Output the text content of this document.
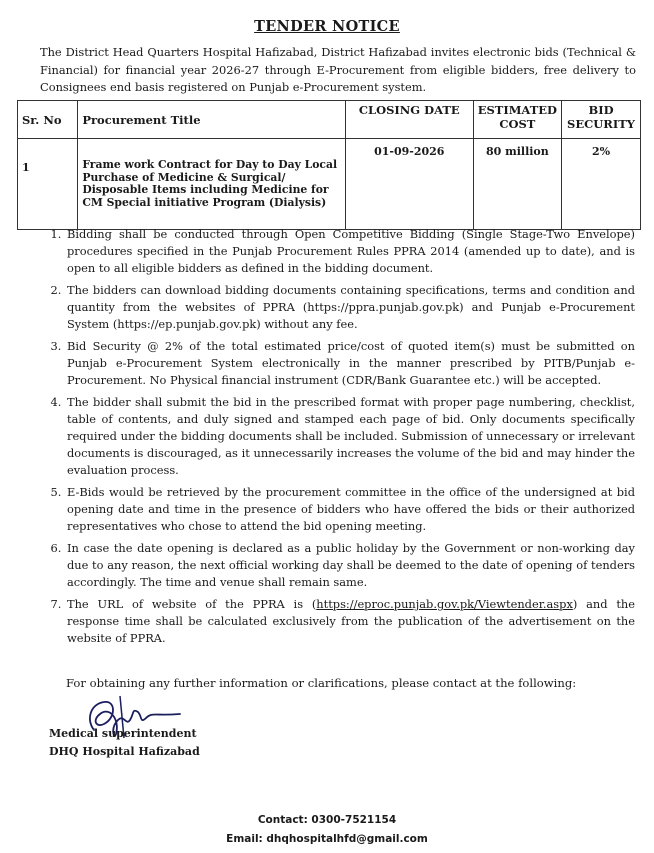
TENDER NOTICE
The District Head Quarters Hospital Hafizabad, District Hafizabad invites electronic bids (Technical & Financial) for financial year 2026-27 through E-Procurement from eligible bidders, free delivery to Consignees end basis registered on Punjab e-Procurement system.
Sr. No	Procurement Title	CLOSING DATE	ESTIMATED COST	BID SECURITY
1	Frame work Contract for Day to Day Local Purchase of Medicine & Surgical/ Disposable Items including Medicine for CM Special initiative Program (Dialysis)	01-09-2026	80 million	2%
1. Bidding shall be conducted through Open Competitive Bidding (Single Stage-Two Envelope) procedures specified in the Punjab Procurement Rules PPRA 2014 (amended up to date), and is open to all eligible bidders as defined in the bidding document.
2. The bidders can download bidding documents containing specifications, terms and condition and quantity from the websites of PPRA (https://ppra.punjab.gov.pk) and Punjab e-Procurement System (https://ep.punjab.gov.pk) without any fee.
3. Bid Security @ 2% of the total estimated price/cost of quoted item(s) must be submitted on Punjab e-Procurement System electronically in the manner prescribed by PITB/Punjab e-Procurement. No Physical financial instrument (CDR/Bank Guarantee etc.) will be accepted.
4. The bidder shall submit the bid in the prescribed format with proper page numbering, checklist, table of contents, and duly signed and stamped each page of bid. Only documents specifically required under the bidding documents shall be included. Submission of unnecessary or irrelevant documents is discouraged, as it unnecessarily increases the volume of the bid and may hinder the evaluation process.
5. E-Bids would be retrieved by the procurement committee in the office of the undersigned at bid opening date and time in the presence of bidders who have offered the bids or their authorized representatives who chose to attend the bid opening meeting.
6. In case the date opening is declared as a public holiday by the Government or non-working day due to any reason, the next official working day shall be deemed to the date of opening of tenders accordingly. The time and venue shall remain same.
7. The URL of website of the PPRA is (https://eproc.punjab.gov.pk/Viewtender.aspx) and the response time shall be calculated exclusively from the publication of the advertisement on the website of PPRA.
For obtaining any further information or clarifications, please contact at the following:
Medical superintendent
DHQ Hospital Hafizabad
Contact: 0300-7521154
Email: dhqhospitalhfd@gmail.com
